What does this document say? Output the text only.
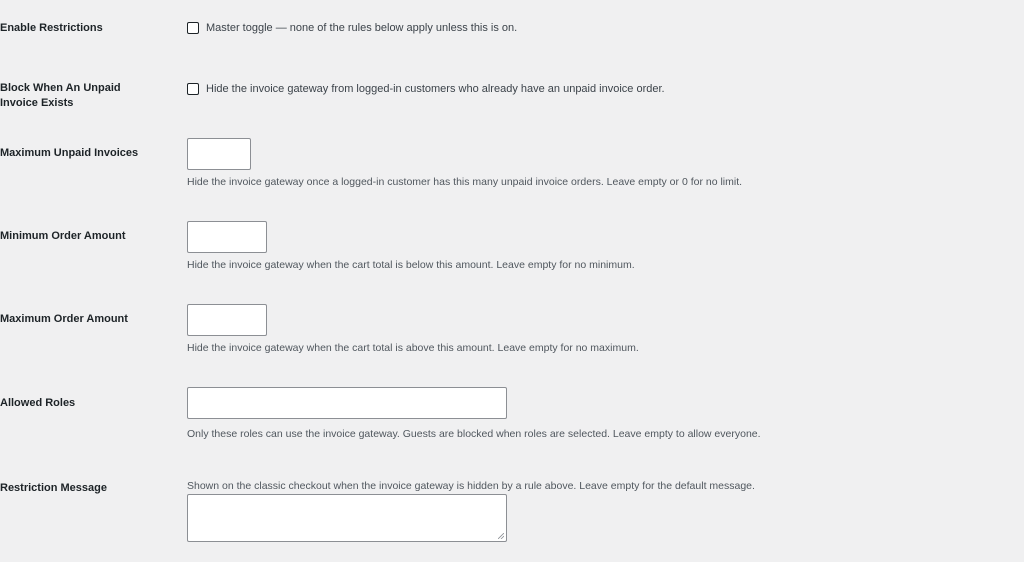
Enable Restrictions	Master toggle — none of the rules below apply unless this is on.
Block When An Unpaid Invoice Exists
Hide the invoice gateway from logged-in customers who already have an unpaid invoice order.
Maximum Unpaid Invoices
Hide the invoice gateway once a logged-in customer has this many unpaid invoice orders. Leave empty or 0 for no limit.
Minimum Order Amount
Hide the invoice gateway when the cart total is below this amount. Leave empty for no minimum.
Maximum Order Amount
Hide the invoice gateway when the cart total is above this amount. Leave empty for no maximum.
Allowed Roles
Only these roles can use the invoice gateway. Guests are blocked when roles are selected. Leave empty to allow everyone.
Restriction Message	Shown on the classic checkout when the invoice gateway is hidden by a rule above. Leave empty for the default message.
